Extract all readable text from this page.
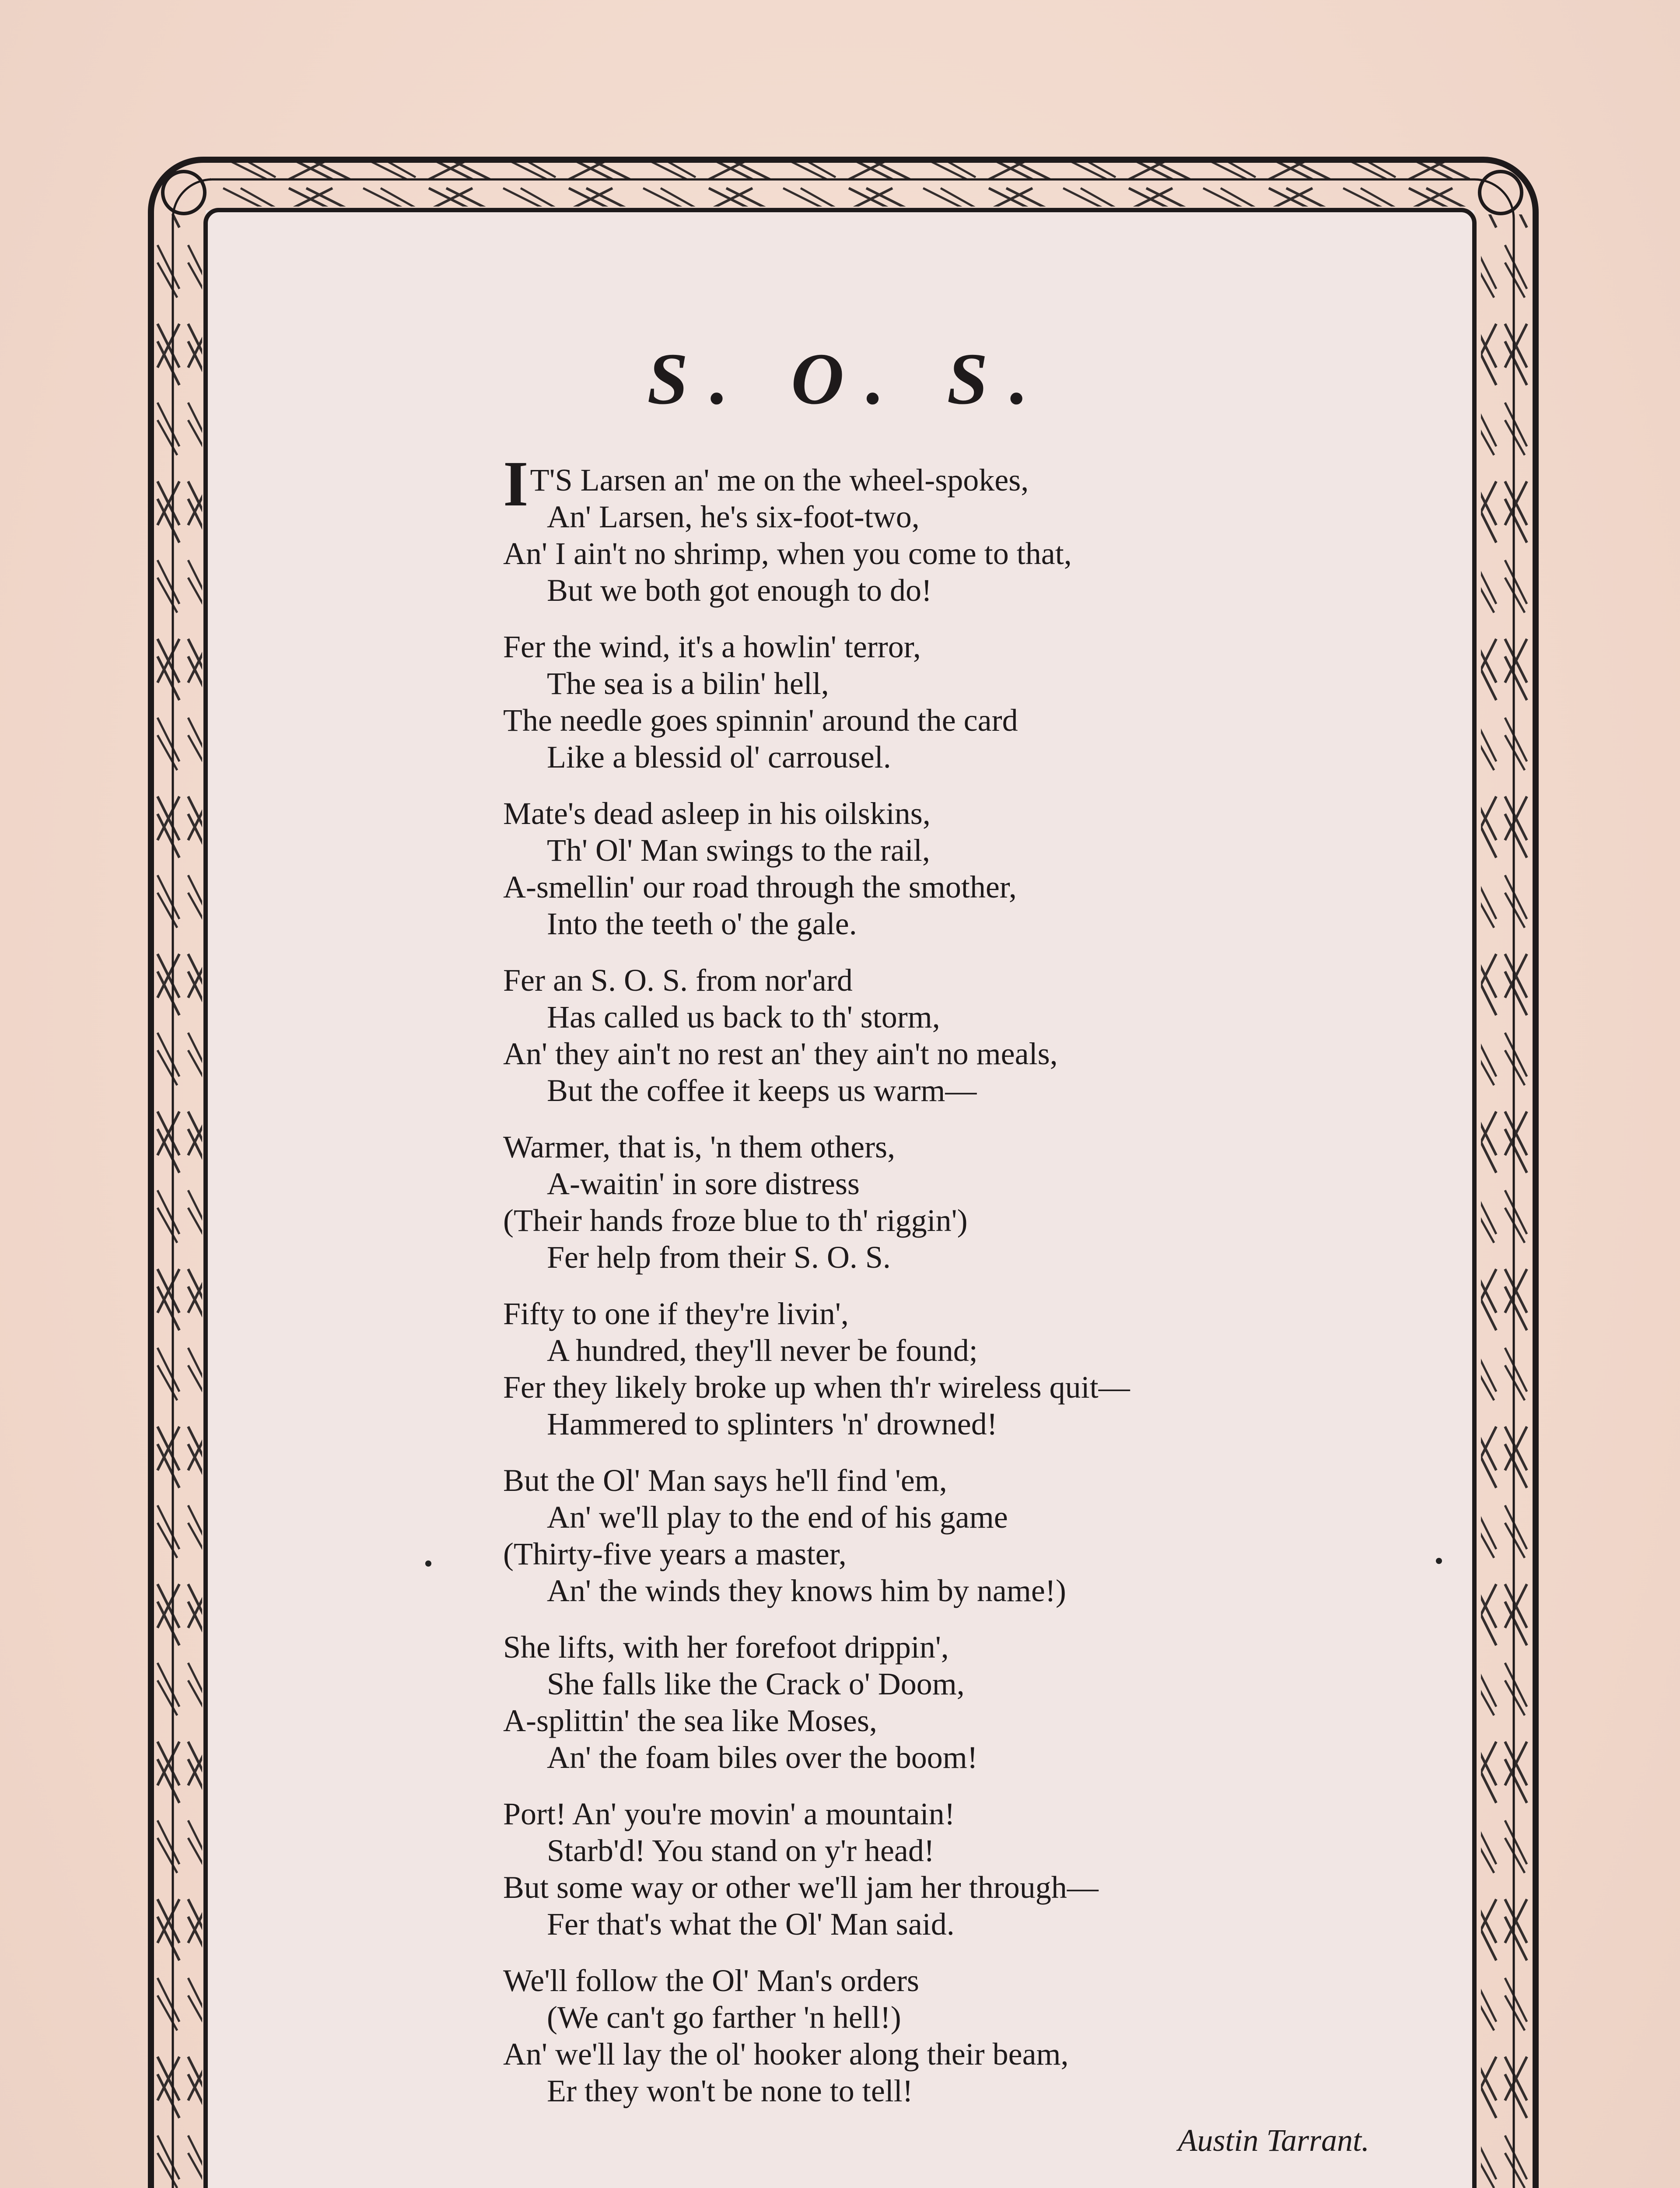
S. O. S.
I T'S Larsen an' me on the wheel-spokes,
An' Larsen, he's six-foot-two,
An' I ain't no shrimp, when you come to that,
But we both got enough to do!
Fer the wind, it's a howlin' terror,
The sea is a bilin' hell,
The needle goes spinnin' around the card
Like a blessid ol' carrousel.
Mate's dead asleep in his oilskins,
Th' Ol' Man swings to the rail,
A-smellin' our road through the smother,
Into the teeth o' the gale.
Fer an S. O. S. from nor'ard
Has called us back to th' storm,
An' they ain't no rest an' they ain't no meals,
But the coffee it keeps us warm—
Warmer, that is, 'n them others,
A-waitin' in sore distress
(Their hands froze blue to th' riggin')
Fer help from their S. O. S.
Fifty to one if they're livin',
A hundred, they'll never be found;
Fer they likely broke up when th'r wireless quit—
Hammered to splinters 'n' drowned!
But the Ol' Man says he'll find 'em,
An' we'll play to the end of his game
(Thirty-five years a master,
An' the winds they knows him by name!)
She lifts, with her forefoot drippin',
She falls like the Crack o' Doom,
A-splittin' the sea like Moses,
An' the foam biles over the boom!
Port! An' you're movin' a mountain!
Starb'd! You stand on y'r head!
But some way or other we'll jam her through—
Fer that's what the Ol' Man said.
We'll follow the Ol' Man's orders
(We can't go farther 'n hell!)
An' we'll lay the ol' hooker along their beam,
Er they won't be none to tell!
Austin Tarrant.
